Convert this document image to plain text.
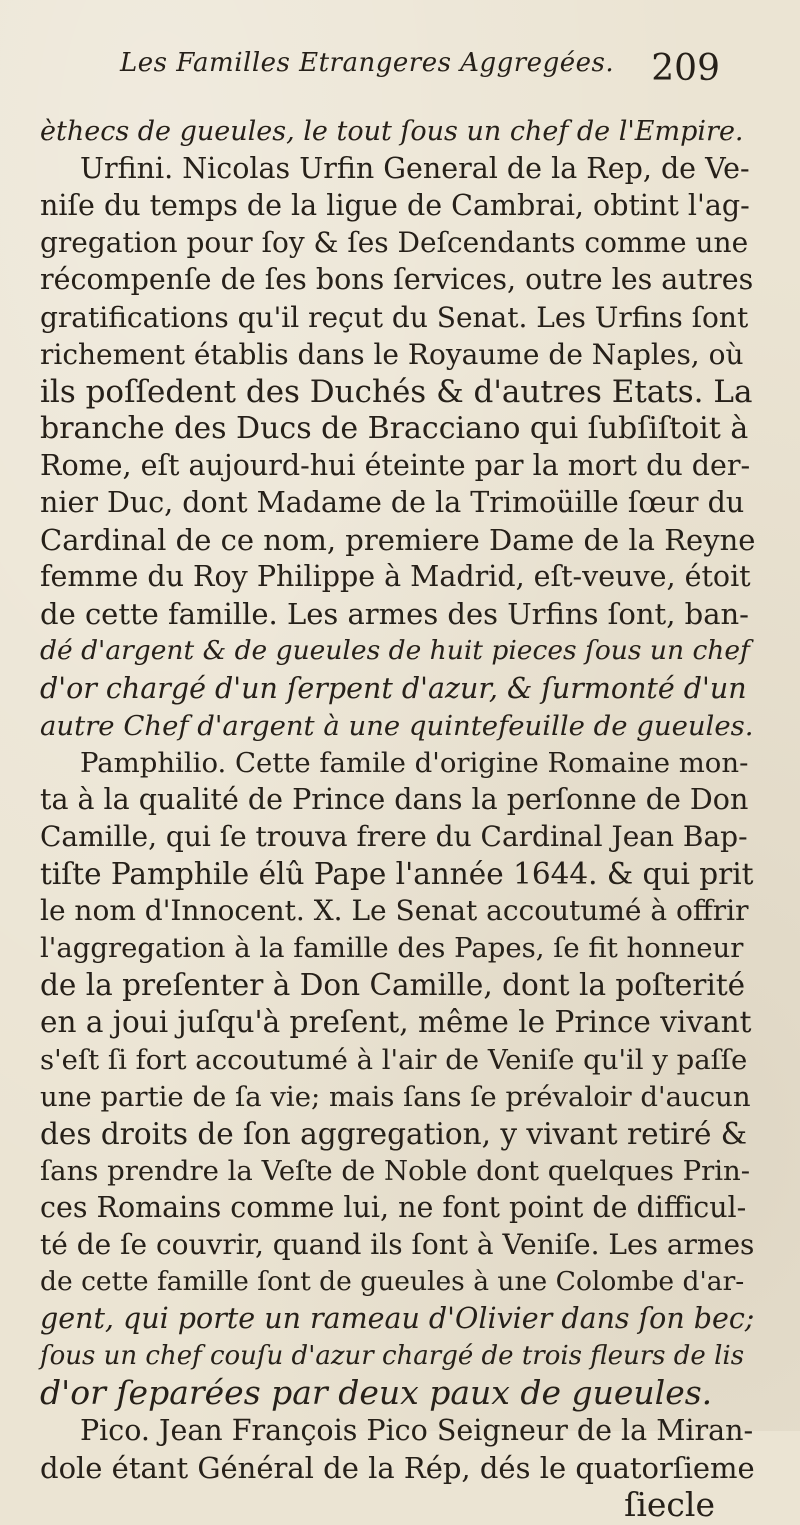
Les Familles Etrangeres Aggregées. 209
èthecs de gueules, le tout ſous un chef de l'Empire.
Urfini. Nicolas Urfin General de la Rep, de Ve-
niſe du temps de la ligue de Cambrai, obtint l'ag-
gregation pour ſoy & ſes Deſcendants comme une
récompenſe de ſes bons ſervices, outre les autres
gratifications qu'il reçut du Senat. Les Urfins ſont
richement établis dans le Royaume de Naples, où
ils poſſedent des Duchés & d'autres Etats. La
branche des Ducs de Bracciano qui ſubſiſtoit à
Rome, eſt aujourd-hui éteinte par la mort du der-
nier Duc, dont Madame de la Trimoüille ſœur du
Cardinal de ce nom, premiere Dame de la Reyne
femme du Roy Philippe à Madrid, eſt-veuve, étoit
de cette famille. Les armes des Urfins ſont, ban-
dé d'argent & de gueules de huit pieces ſous un chef
d'or chargé d'un ſerpent d'azur, & ſurmonté d'un
autre Chef d'argent à une quintefeuille de gueules.
Pamphilio. Cette famile d'origine Romaine mon-
ta à la qualité de Prince dans la perſonne de Don
Camille, qui ſe trouva frere du Cardinal Jean Bap-
tiſte Pamphile élû Pape l'année 1644. & qui prit
le nom d'Innocent. X. Le Senat accoutumé à offrir
l'aggregation à la famille des Papes, ſe fit honneur
de la preſenter à Don Camille, dont la poſterité
en a joui juſqu'à preſent, même le Prince vivant
s'eſt ſi fort accoutumé à l'air de Veniſe qu'il y paſſe
une partie de ſa vie; mais ſans ſe prévaloir d'aucun
des droits de ſon aggregation, y vivant retiré &
ſans prendre la Veſte de Noble dont quelques Prin-
ces Romains comme lui, ne font point de difficul-
té de ſe couvrir, quand ils ſont à Veniſe. Les armes
de cette famille ſont de gueules à une Colombe d'ar-
gent, qui porte un rameau d'Olivier dans ſon bec;
ſous un chef couſu d'azur chargé de trois fleurs de lis
d'or ſeparées par deux paux de gueules.
Pico. Jean François Pico Seigneur de la Miran-
dole étant Général de la Rép, dés le quatorſieme
ſiecle
